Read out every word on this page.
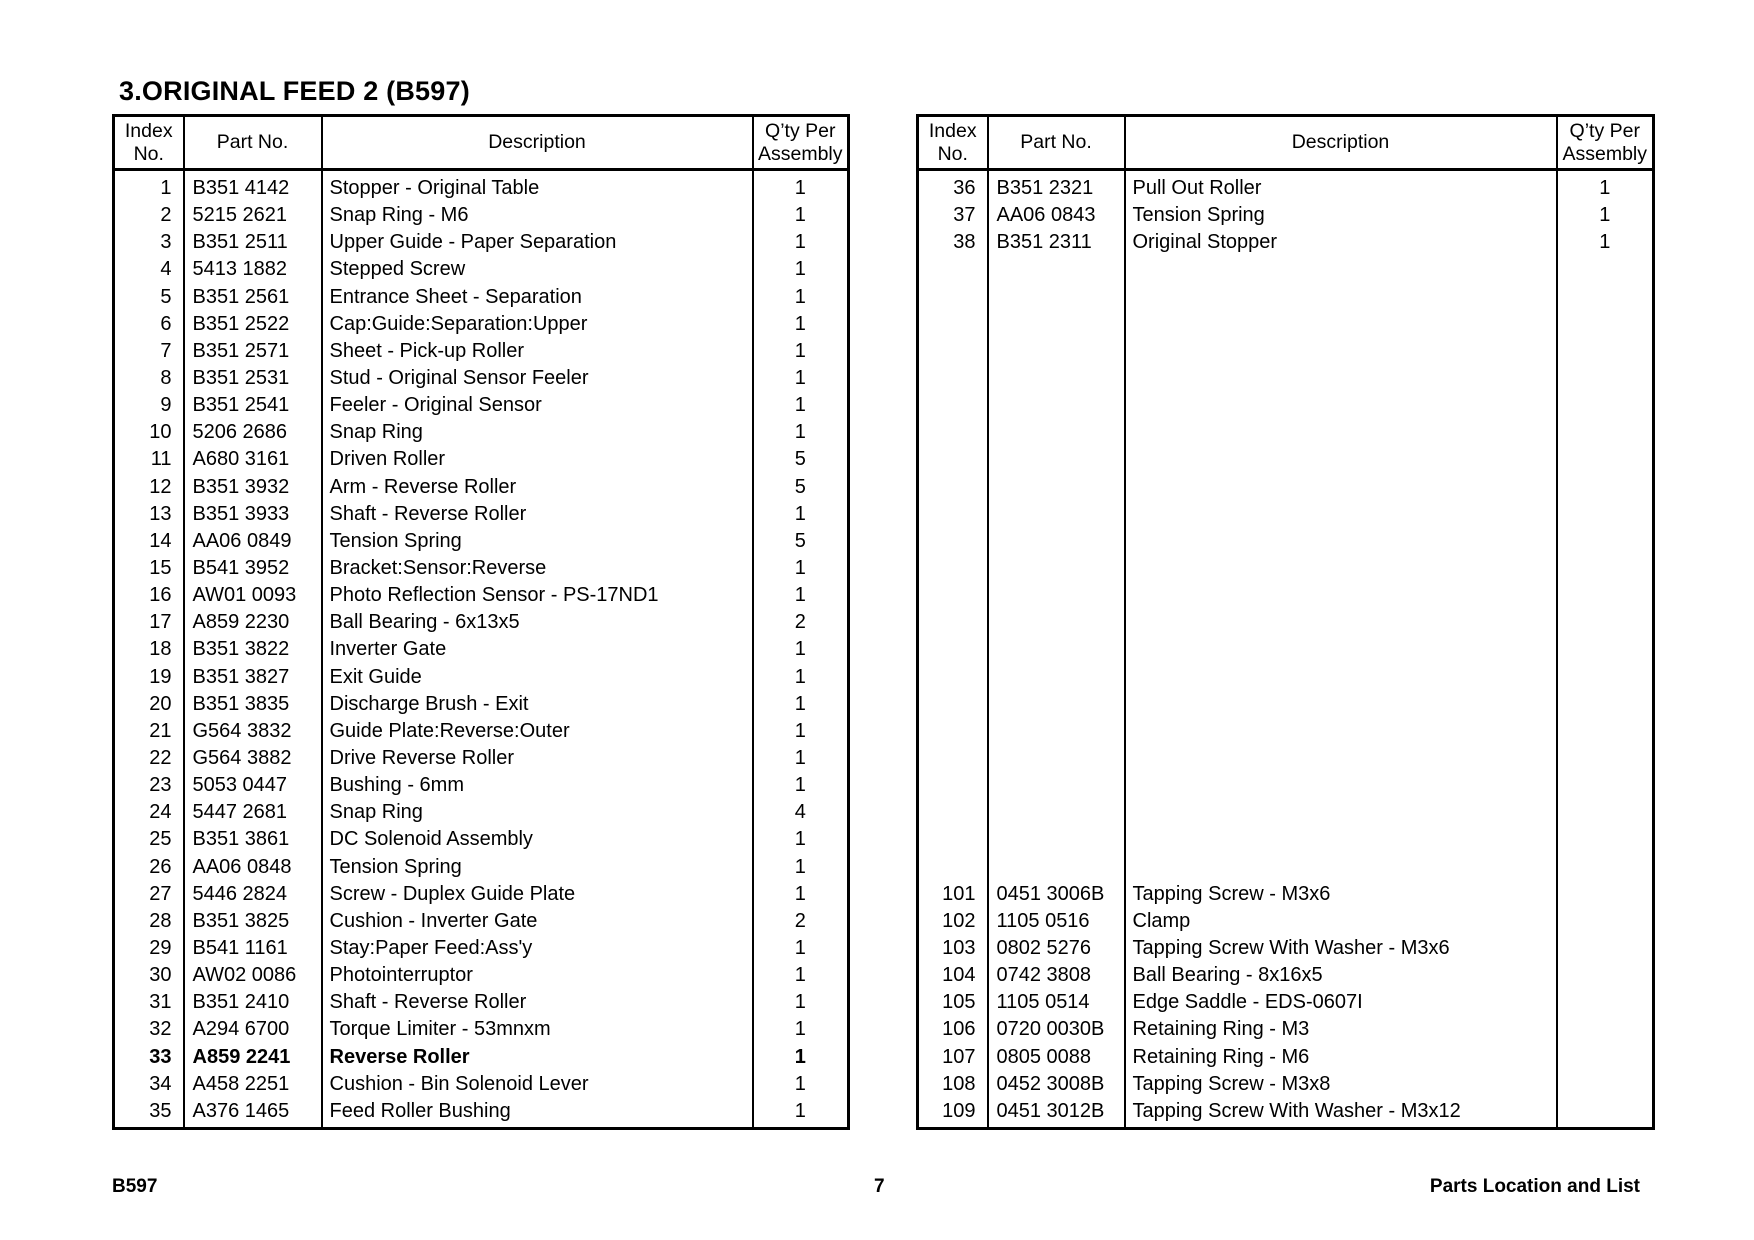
3.ORIGINAL FEED 2 (B597)
Index
No.	Part No.	Description	Q’ty Per
Assembly
1	B351 4142	Stopper - Original Table	1
2	5215 2621	Snap Ring - M6	1
3	B351 2511	Upper Guide - Paper Separation	1
4	5413 1882	Stepped Screw	1
5	B351 2561	Entrance Sheet - Separation	1
6	B351 2522	Cap:Guide:Separation:Upper	1
7	B351 2571	Sheet - Pick-up Roller	1
8	B351 2531	Stud - Original Sensor Feeler	1
9	B351 2541	Feeler - Original Sensor	1
10	5206 2686	Snap Ring	1
11	A680 3161	Driven Roller	5
12	B351 3932	Arm - Reverse Roller	5
13	B351 3933	Shaft - Reverse Roller	1
14	AA06 0849	Tension Spring	5
15	B541 3952	Bracket:Sensor:Reverse	1
16	AW01 0093	Photo Reflection Sensor - PS-17ND1	1
17	A859 2230	Ball Bearing - 6x13x5	2
18	B351 3822	Inverter Gate	1
19	B351 3827	Exit Guide	1
20	B351 3835	Discharge Brush - Exit	1
21	G564 3832	Guide Plate:Reverse:Outer	1
22	G564 3882	Drive Reverse Roller	1
23	5053 0447	Bushing - 6mm	1
24	5447 2681	Snap Ring	4
25	B351 3861	DC Solenoid Assembly	1
26	AA06 0848	Tension Spring	1
27	5446 2824	Screw - Duplex Guide Plate	1
28	B351 3825	Cushion - Inverter Gate	2
29	B541 1161	Stay:Paper Feed:Ass'y	1
30	AW02 0086	Photointerruptor	1
31	B351 2410	Shaft - Reverse Roller	1
32	A294 6700	Torque Limiter - 53mnxm	1
33	A859 2241	Reverse Roller	1
34	A458 2251	Cushion - Bin Solenoid Lever	1
35	A376 1465	Feed Roller Bushing	1
Index
No.	Part No.	Description	Q’ty Per
Assembly
36	B351 2321	Pull Out Roller	1
37	AA06 0843	Tension Spring	1
38	B351 2311	Original Stopper	1

101	0451 3006B	Tapping Screw - M3x6	
102	1105 0516	Clamp	
103	0802 5276	Tapping Screw With Washer - M3x6	
104	0742 3808	Ball Bearing - 8x16x5	
105	1105 0514	Edge Saddle - EDS-0607I	
106	0720 0030B	Retaining Ring - M3	
107	0805 0088	Retaining Ring - M6	
108	0452 3008B	Tapping Screw - M3x8	
109	0451 3012B	Tapping Screw With Washer - M3x12	
B597	7	Parts Location and List
